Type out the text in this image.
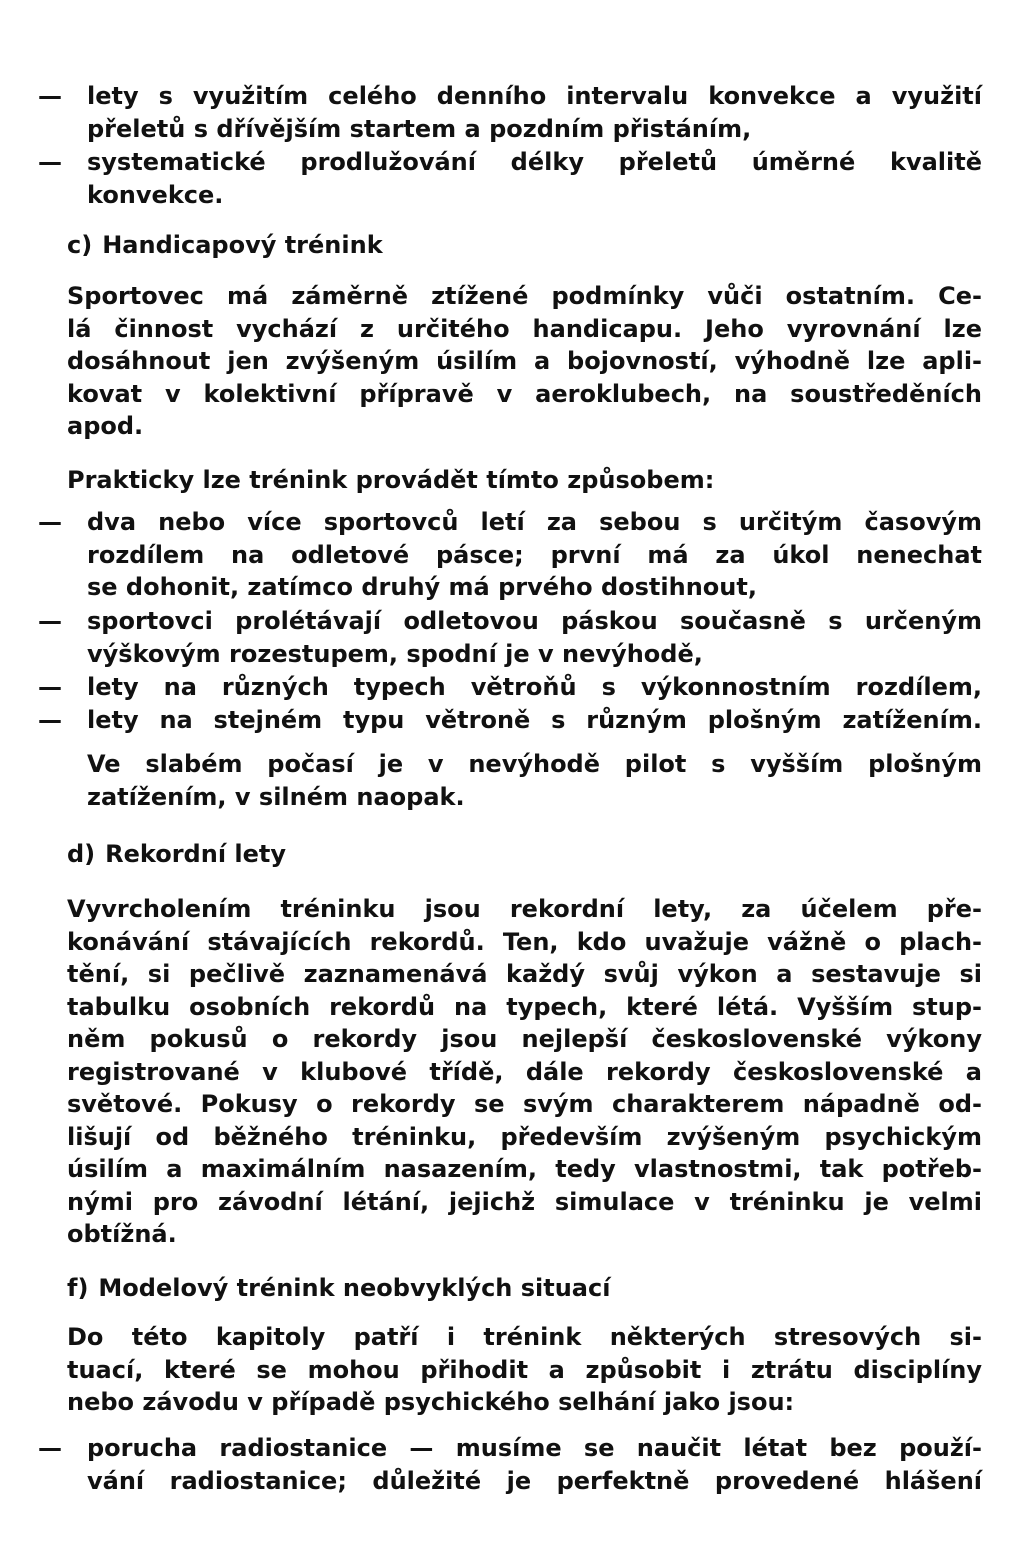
—	lety s využitím celého denního intervalu konvekce a využití
přeletů s dřívějším startem a pozdním přistáním,
—	systematické prodlužování délky přeletů úměrné kvalitě
konvekce.
c) Handicapový trénink
Sportovec má záměrně ztížené podmínky vůči ostatním. Ce-
lá činnost vychází z určitého handicapu. Jeho vyrovnání lze
dosáhnout jen zvýšeným úsilím a bojovností, výhodně lze apli-
kovat v kolektivní přípravě v aeroklubech, na soustředěních
apod.
Prakticky lze trénink provádět tímto způsobem:
—	dva nebo více sportovců letí za sebou s určitým časovým
rozdílem na odletové pásce; první má za úkol nenechat
se dohonit, zatímco druhý má prvého dostihnout,
—	sportovci prolétávají odletovou páskou současně s určeným
výškovým rozestupem, spodní je v nevýhodě,
—	lety na různých typech větroňů s výkonnostním rozdílem,
—	lety na stejném typu větroně s různým plošným zatížením.
Ve slabém počasí je v nevýhodě pilot s vyšším plošným
zatížením, v silném naopak.
d) Rekordní lety
Vyvrcholením tréninku jsou rekordní lety, za účelem pře-
konávání stávajících rekordů. Ten, kdo uvažuje vážně o plach-
tění, si pečlivě zaznamenává každý svůj výkon a sestavuje si
tabulku osobních rekordů na typech, které létá. Vyšším stup-
něm pokusů o rekordy jsou nejlepší československé výkony
registrované v klubové třídě, dále rekordy československé a
světové. Pokusy o rekordy se svým charakterem nápadně od-
lišují od běžného tréninku, především zvýšeným psychickým
úsilím a maximálním nasazením, tedy vlastnostmi, tak potřeb-
nými pro závodní létání, jejichž simulace v tréninku je velmi
obtížná.
f) Modelový trénink neobvyklých situací
Do této kapitoly patří i trénink některých stresových si-
tuací, které se mohou přihodit a způsobit i ztrátu disciplíny
nebo závodu v případě psychického selhání jako jsou:
—	porucha radiostanice — musíme se naučit létat bez použí-
vání radiostanice; důležité je perfektně provedené hlášení
